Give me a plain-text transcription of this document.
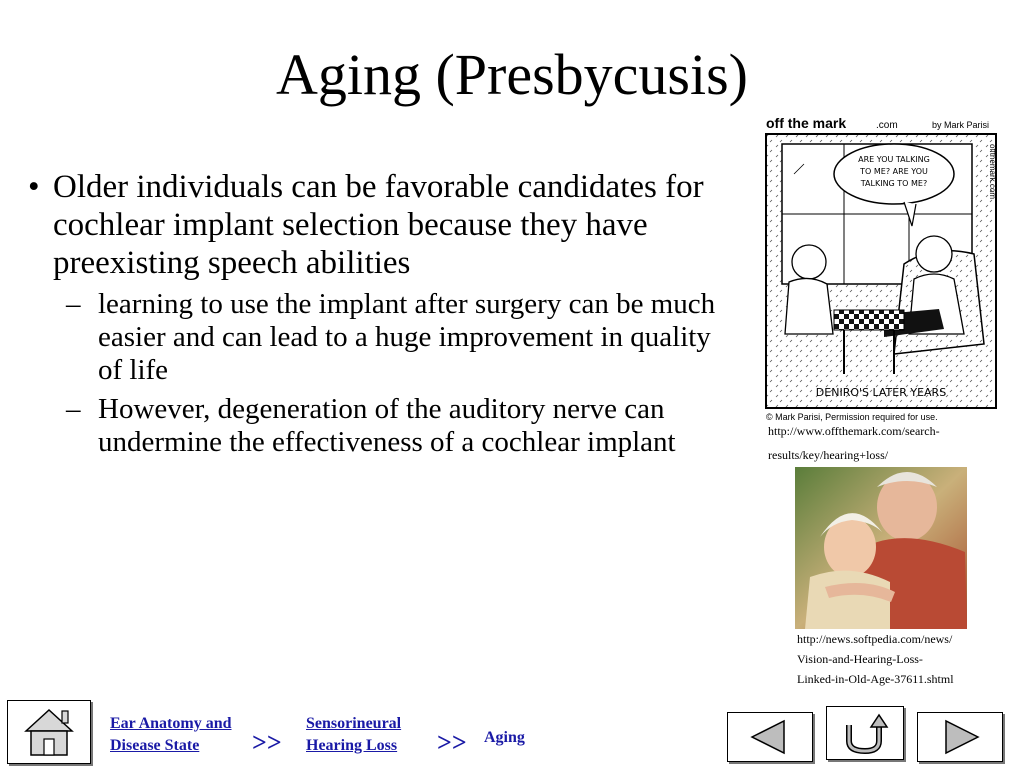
Aging (Presbycusis)
• Older individuals can be favorable candidates for cochlear implant selection because they have preexisting speech abilities
– learning to use the implant after surgery can be much easier and can lead to a huge improvement in quality of life
– However, degeneration of the auditory nerve can undermine the effectiveness of a cochlear implant
off the mark	.com	by Mark Parisi
ARE YOU TALKING
TO ME? ARE YOU
TALKING TO ME?	offthemark.com
DENIRO'S LATER YEARS
© Mark Parisi, Permission required for use.
http://www.offthemark.com/search-
results/key/hearing+loss/
http://news.softpedia.com/news/
Vision-and-Hearing-Loss-
Linked-in-Old-Age-37611.shtml
Ear Anatomy and
Disease State	>>
Sensorineural
Hearing Loss >> Aging
